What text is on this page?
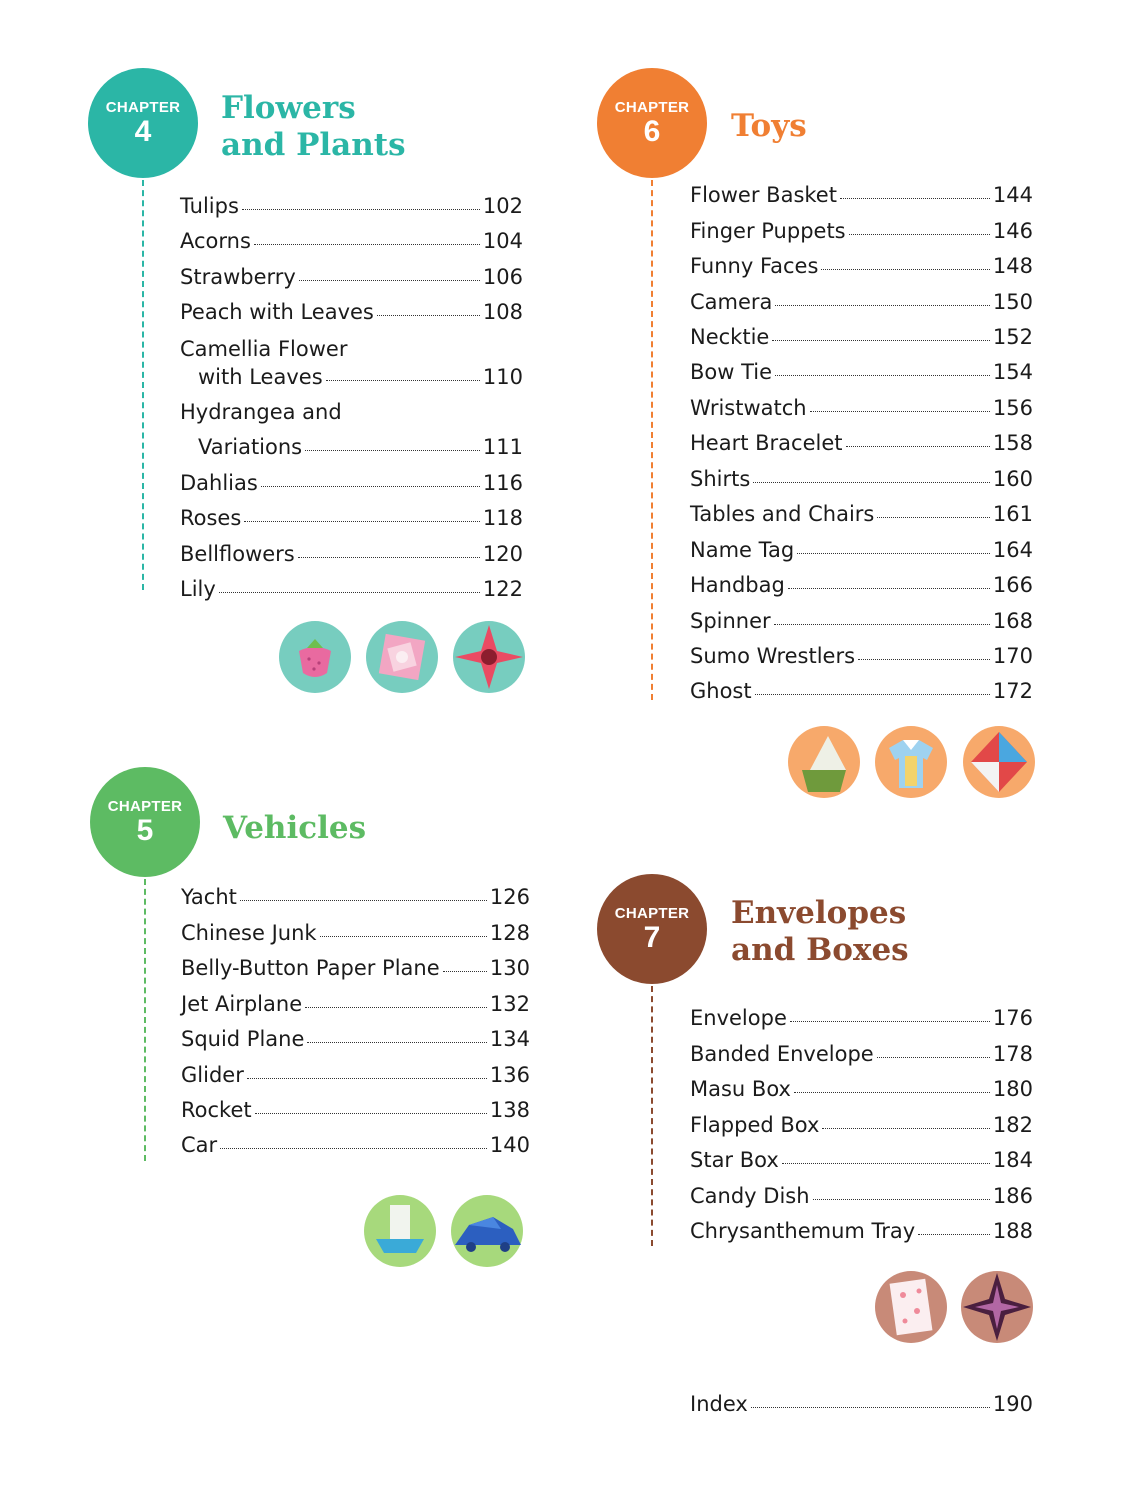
CHAPTER
4
Flowers
and Plants
Tulips	102
Acorns	104
Strawberry	106
Peach with Leaves	108
Camellia Flower
with Leaves	110
Hydrangea and
Variations	111
Dahlias	116
Roses	118
Bellflowers	120
Lily	122
CHAPTER
5 Vehicles
Yacht	126
Chinese Junk	128
Belly-Button Paper Plane 130
Jet Airplane	132
Squid Plane	134
Glider	136
Rocket	138
Car	140
CHAPTER
6 Toys
Flower Basket	144
Finger Puppets	146
Funny Faces	148
Camera	150
Necktie	152
Bow Tie	154
Wristwatch	156
Heart Bracelet	158
Shirts	160
Tables and Chairs	161
Name Tag	164
Handbag	166
Spinner	168
Sumo Wrestlers	170
Ghost	172
CHAPTER
7
Envelopes
and Boxes
Envelope	176
Banded Envelope	178
Masu Box	180
Flapped Box	182
Star Box	184
Candy Dish	186
Chrysanthemum Tray	188
Index	190
